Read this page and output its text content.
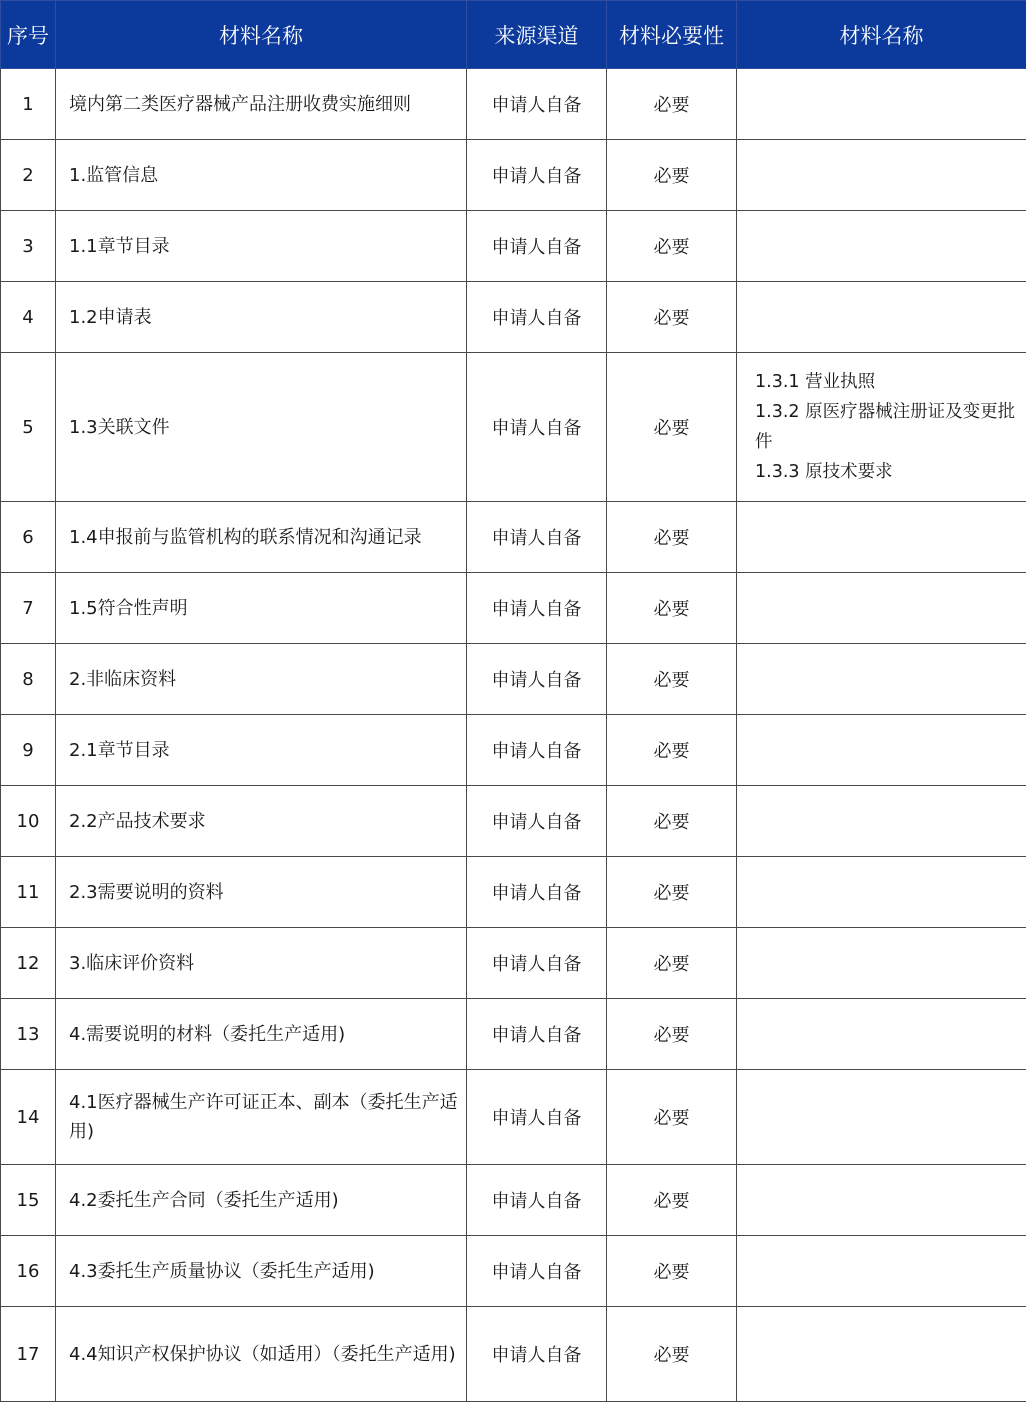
序号	材料名称	来源渠道	材料必要性	材料名称
1	境内第二类医疗器械产品注册收费实施细则	申请人自备	必要	
2	1.监管信息	申请人自备	必要	
3	1.1章节目录	申请人自备	必要	
4	1.2申请表	申请人自备	必要	
5	1.3关联文件	申请人自备	必要	1.3.1 营业执照
1.3.2 原医疗器械注册证及变更批件
1.3.3 原技术要求

6	1.4申报前与监管机构的联系情况和沟通记录	申请人自备	必要	
7	1.5符合性声明	申请人自备	必要	
8	2.非临床资料	申请人自备	必要	
9	2.1章节目录	申请人自备	必要	
10	2.2产品技术要求	申请人自备	必要	
11	2.3需要说明的资料	申请人自备	必要	
12	3.临床评价资料	申请人自备	必要	
13	4.需要说明的材料（委托生产适用)	申请人自备	必要	
14	4.1医疗器械生产许可证正本、副本（委托生产适用)	申请人自备	必要	
15	4.2委托生产合同（委托生产适用)	申请人自备	必要	
16	4.3委托生产质量协议（委托生产适用)	申请人自备	必要	
17	4.4知识产权保护协议（如适用）（委托生产适用)	申请人自备	必要	
